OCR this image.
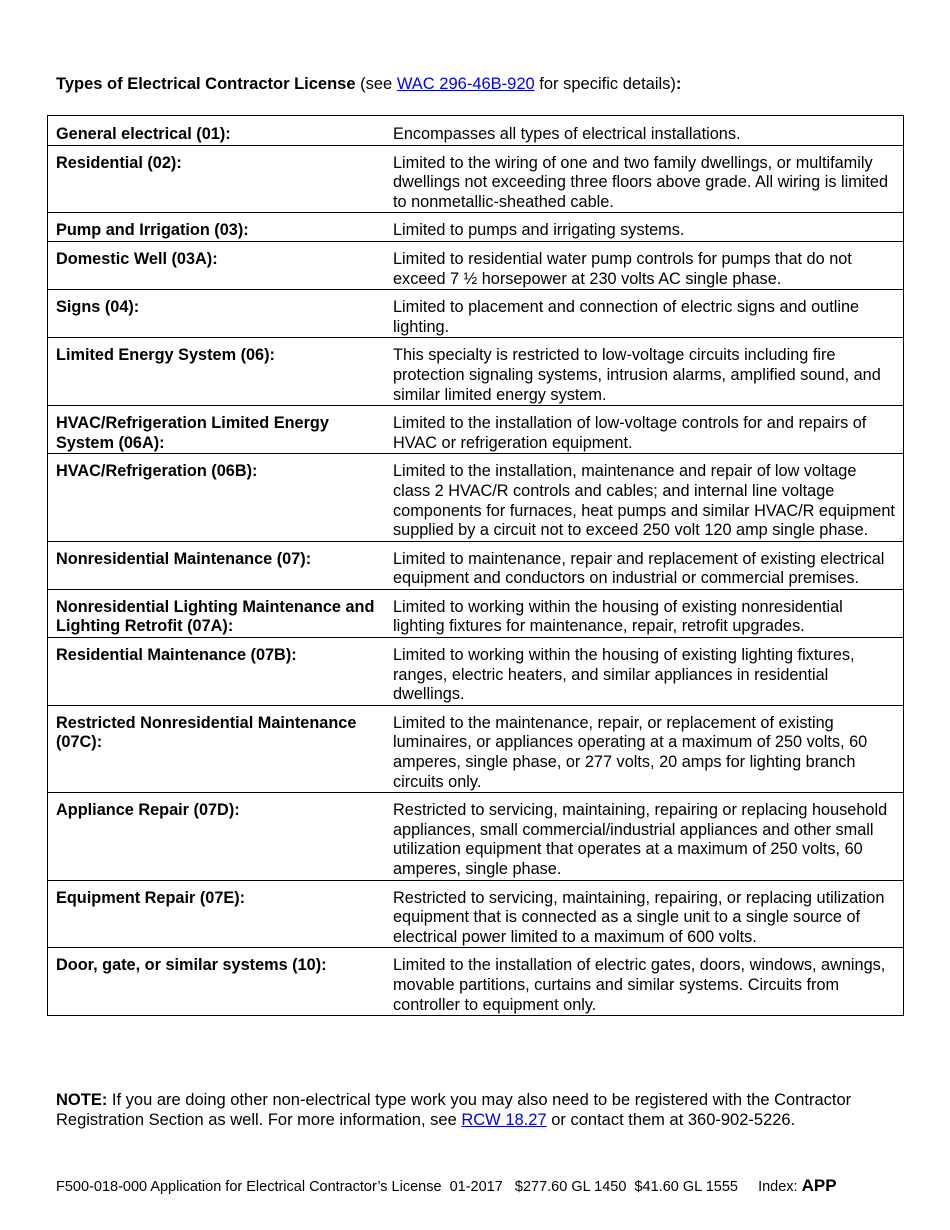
Types of Electrical Contractor License (see WAC 296-46B-920 for specific details):
General electrical (01):	Encompasses all types of electrical installations.
Residential (02):	Limited to the wiring of one and two family dwellings, or multifamily dwellings not exceeding three floors above grade. All wiring is limited to nonmetallic-sheathed cable.
Pump and Irrigation (03):	Limited to pumps and irrigating systems.
Domestic Well (03A):	Limited to residential water pump controls for pumps that do not exceed 7 ½ horsepower at 230 volts AC single phase.
Signs (04):	Limited to placement and connection of electric signs and outline lighting.
Limited Energy System (06):	This specialty is restricted to low-voltage circuits including fire protection signaling systems, intrusion alarms, amplified sound, and similar limited energy system.
HVAC/Refrigeration Limited Energy System (06A):	Limited to the installation of low-voltage controls for and repairs of HVAC or refrigeration equipment.
HVAC/Refrigeration (06B):	Limited to the installation, maintenance and repair of low voltage class 2 HVAC/R controls and cables; and internal line voltage components for furnaces, heat pumps and similar HVAC/R equipment supplied by a circuit not to exceed 250 volt 120 amp single phase.
Nonresidential Maintenance (07):	Limited to maintenance, repair and replacement of existing electrical equipment and conductors on industrial or commercial premises.
Nonresidential Lighting Maintenance and Lighting Retrofit (07A):	Limited to working within the housing of existing nonresidential lighting fixtures for maintenance, repair, retrofit upgrades.
Residential Maintenance (07B):	Limited to working within the housing of existing lighting fixtures, ranges, electric heaters, and similar appliances in residential dwellings.
Restricted Nonresidential Maintenance (07C):	Limited to the maintenance, repair, or replacement of existing luminaires, or appliances operating at a maximum of 250 volts, 60 amperes, single phase, or 277 volts, 20 amps for lighting branch circuits only.
Appliance Repair (07D):	Restricted to servicing, maintaining, repairing or replacing household appliances, small commercial/industrial appliances and other small utilization equipment that operates at a maximum of 250 volts, 60 amperes, single phase.
Equipment Repair (07E):	Restricted to servicing, maintaining, repairing, or replacing utilization equipment that is connected as a single unit to a single source of electrical power limited to a maximum of 600 volts.
Door, gate, or similar systems (10):	Limited to the installation of electric gates, doors, windows, awnings, movable partitions, curtains and similar systems. Circuits from controller to equipment only.
NOTE: If you are doing other non-electrical type work you may also need to be registered with the Contractor Registration Section as well. For more information, see RCW 18.27 or contact them at 360-902-5226.
F500-018-000 Application for Electrical Contractor’s License  01-2017   $277.60 GL 1450  $41.60 GL 1555     Index: APP
